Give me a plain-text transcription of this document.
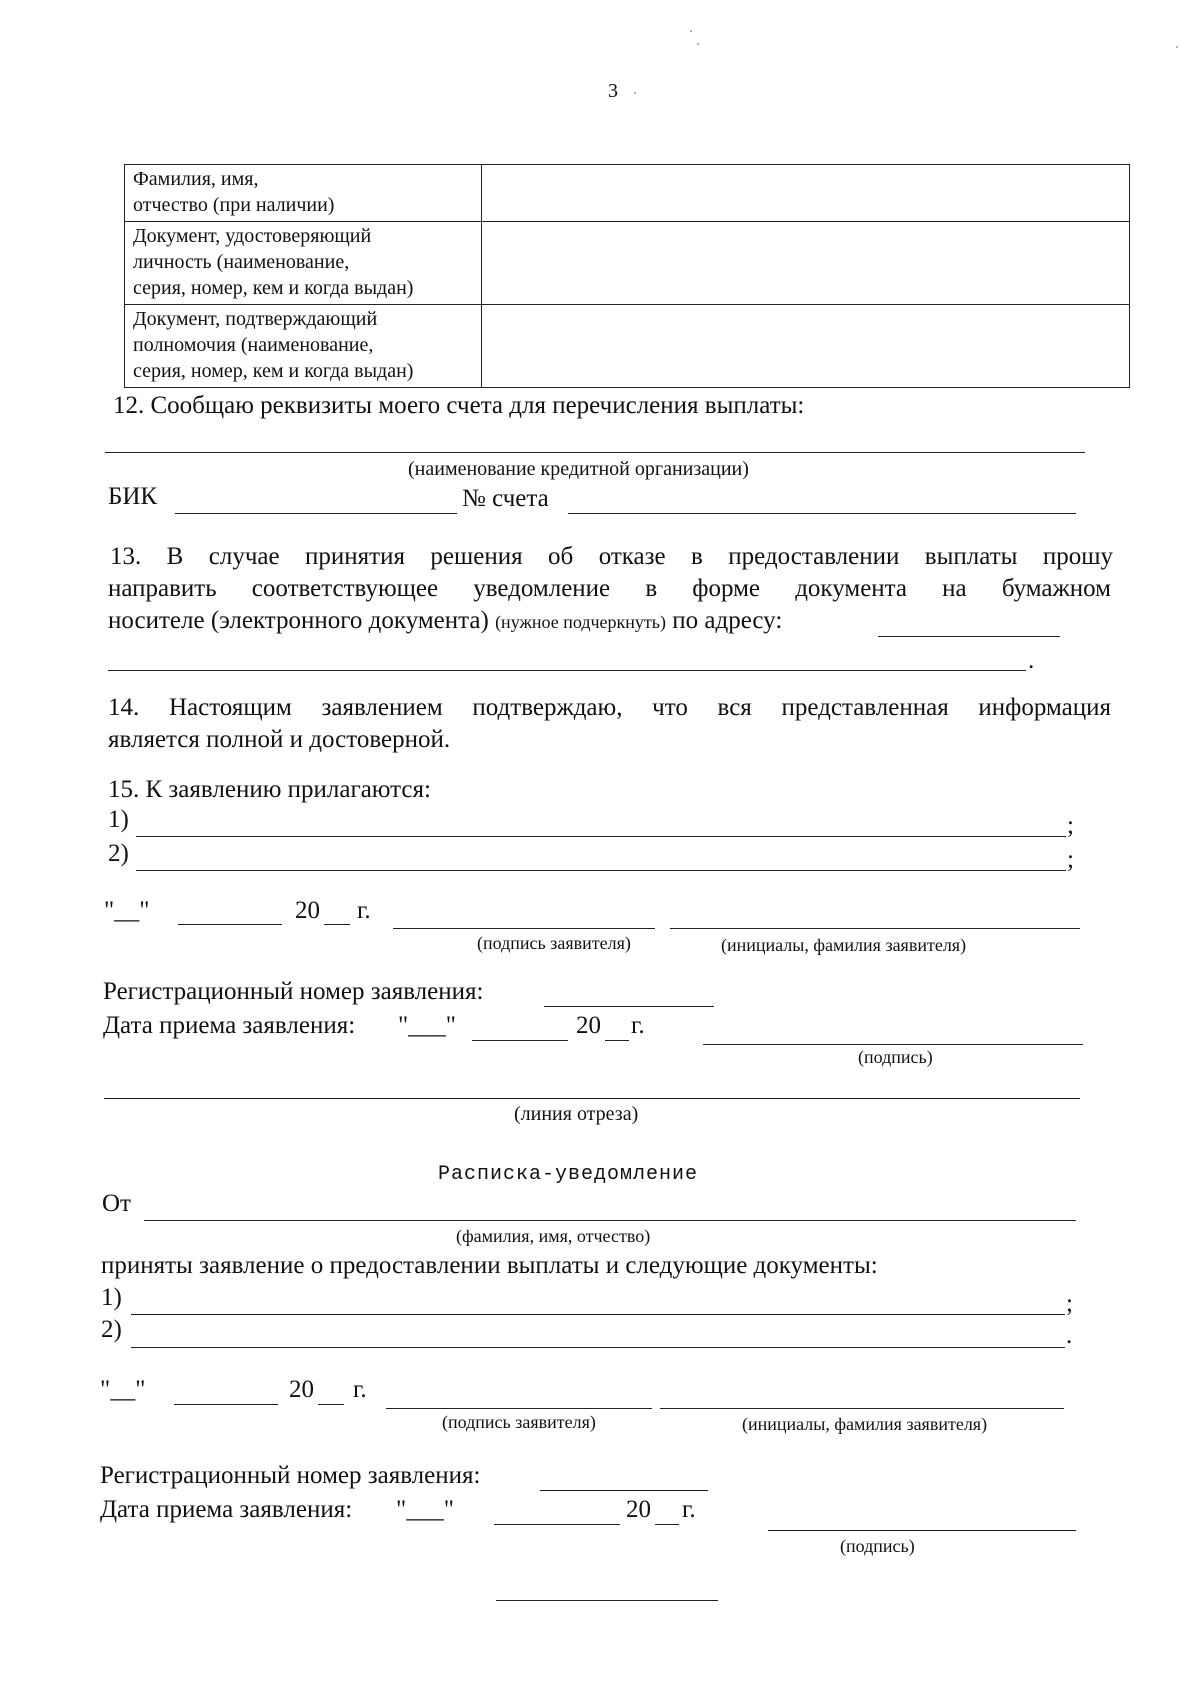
3
Фамилия, имя,
отчество (при наличии)	

Документ, удостоверяющий
личность (наименование,
серия, номер, кем и когда выдан)	

Документ, подтверждающий
полномочия (наименование,
серия, номер, кем и когда выдан)	

12. Сообщаю реквизиты моего счета для перечисления выплаты:
(наименование кредитной организации)
БИК	№ счета
13. В случае принятия решения об отказе в предоставлении выплаты прошу
направить соответствующее уведомление в форме документа на бумажном
носителе (электронного документа) (нужное подчеркнуть) по адресу:
.
14. Настоящим заявлением подтверждаю, что вся представленная информация
является полной и достоверной.
15. К заявлению прилагаются:
1)	;
2)	;
"__"	20 г.
(подпись заявителя)	(инициалы, фамилия заявителя)
Регистрационный номер заявления:
Дата приема заявления: "___"	20 г.
(подпись)
(линия отреза)
Расписка-уведомление
От
(фамилия, имя, отчество)
приняты заявление о предоставлении выплаты и следующие документы:
1)	;
2)	.
"__"	20 г.
(подпись заявителя)	(инициалы, фамилия заявителя)
Регистрационный номер заявления:
Дата приема заявления: "___"	20 г.
(подпись)
